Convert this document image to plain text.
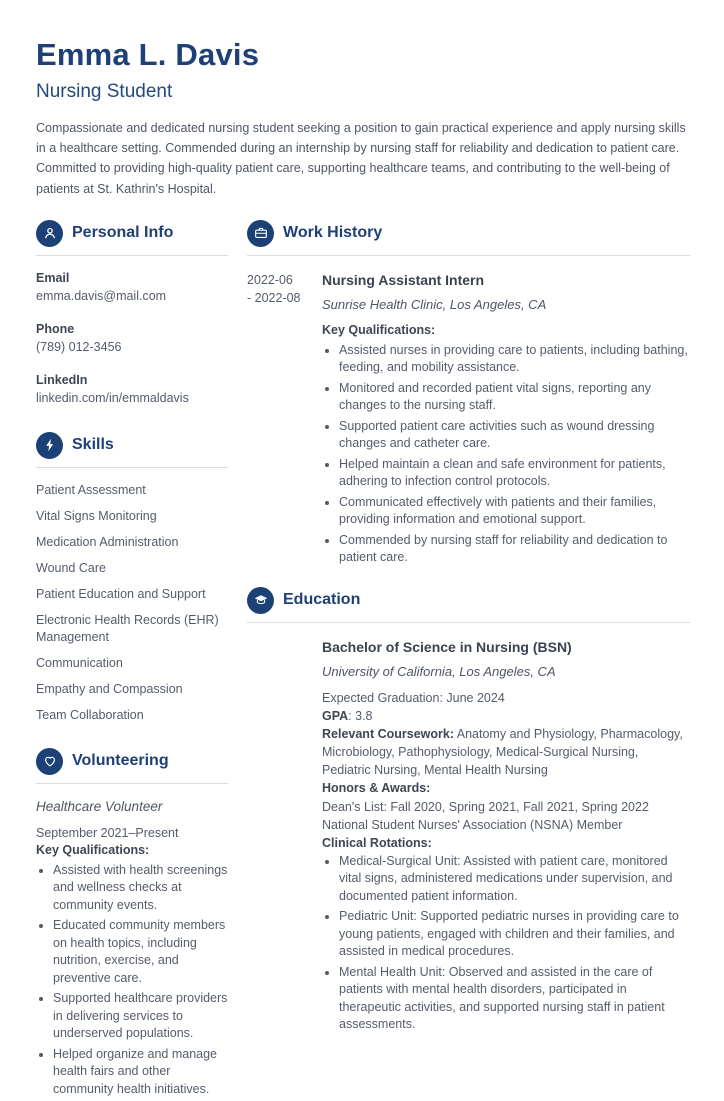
Emma L. Davis
Nursing Student

Compassionate and dedicated nursing student seeking a position to gain practical experience and apply nursing skills in a healthcare setting. Commended during an internship by nursing staff for reliability and dedication to patient care. Committed to providing high-quality patient care, supporting healthcare teams, and contributing to the well-being of patients at St. Kathrin's Hospital.

Personal Info
Email
emma.davis@mail.com
Phone
(789) 012-3456
LinkedIn
linkedin.com/in/emmaldavis
Skills
Patient Assessment
Vital Signs Monitoring
Medication Administration
Wound Care
Patient Education and Support
Electronic Health Records (EHR) Management
Communication
Empathy and Compassion
Team Collaboration
Volunteering
Healthcare Volunteer
September 2021–Present
Key Qualifications:
• Assisted with health screenings and wellness checks at community events.
• Educated community members on health topics, including nutrition, exercise, and preventive care.
• Supported healthcare providers in delivering services to underserved populations.
• Helped organize and manage health fairs and other community health initiatives.
Work History
2022-06
- 2022-08
Nursing Assistant Intern
Sunrise Health Clinic, Los Angeles, CA
Key Qualifications:
• Assisted nurses in providing care to patients, including bathing, feeding, and mobility assistance.
• Monitored and recorded patient vital signs, reporting any changes to the nursing staff.
• Supported patient care activities such as wound dressing changes and catheter care.
• Helped maintain a clean and safe environment for patients, adhering to infection control protocols.
• Communicated effectively with patients and their families, providing information and emotional support.
• Commended by nursing staff for reliability and dedication to patient care.
Education
Bachelor of Science in Nursing (BSN)
University of California, Los Angeles, CA
Expected Graduation: June 2024
GPA: 3.8
Relevant Coursework: Anatomy and Physiology, Pharmacology, Microbiology, Pathophysiology, Medical-Surgical Nursing, Pediatric Nursing, Mental Health Nursing
Honors & Awards:
Dean's List: Fall 2020, Spring 2021, Fall 2021, Spring 2022
National Student Nurses' Association (NSNA) Member
Clinical Rotations:
• Medical-Surgical Unit: Assisted with patient care, monitored vital signs, administered medications under supervision, and documented patient information.
• Pediatric Unit: Supported pediatric nurses in providing care to young patients, engaged with children and their families, and assisted in medical procedures.
• Mental Health Unit: Observed and assisted in the care of patients with mental health disorders, participated in therapeutic activities, and supported nursing staff in patient assessments.
